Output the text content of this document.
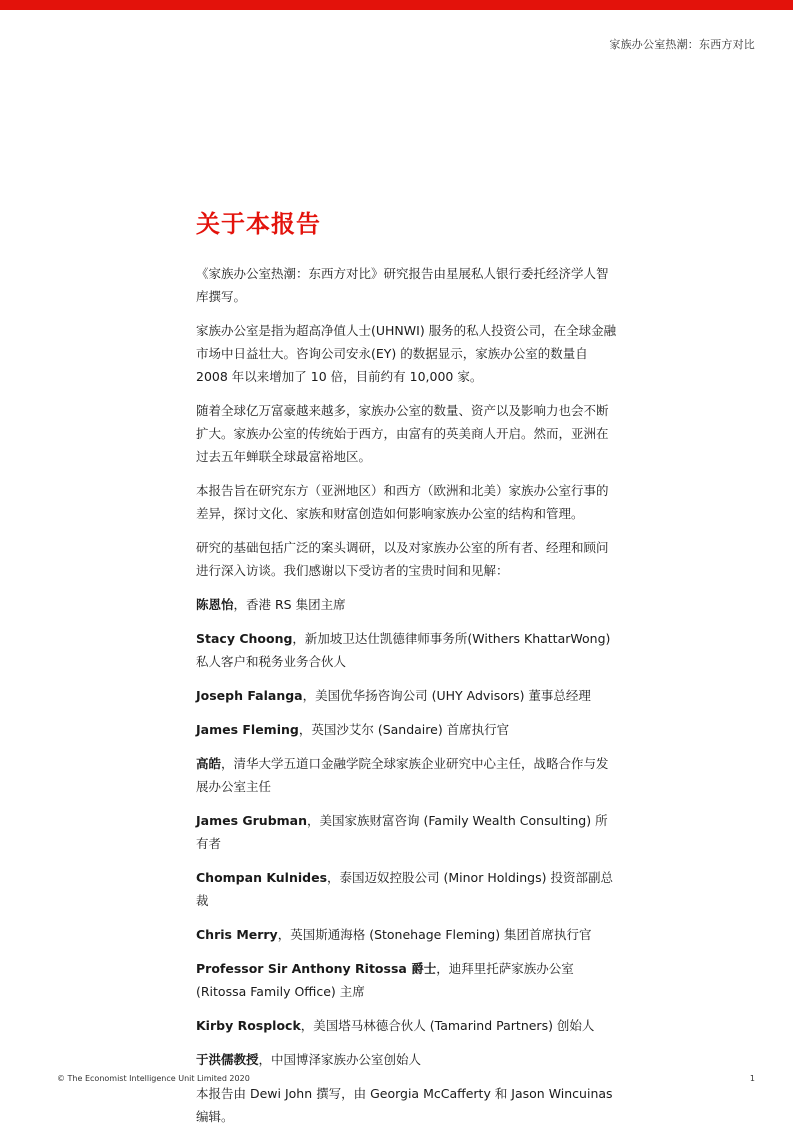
家族办公室热潮：东西方对比
关于本报告

《家族办公室热潮：东西方对比》研究报告由星展私人银行委托经济学人智库撰写。

家族办公室是指为超高净值人士(UHNWI) 服务的私人投资公司，在全球金融市场中日益壮大。咨询公司安永(EY) 的数据显示，家族办公室的数量自 2008 年以来增加了 10 倍，目前约有 10,000 家。

随着全球亿万富豪越来越多，家族办公室的数量、资产以及影响力也会不断扩大。家族办公室的传统始于西方，由富有的英美商人开启。然而，亚洲在过去五年蝉联全球最富裕地区。

本报告旨在研究东方（亚洲地区）和西方（欧洲和北美）家族办公室行事的差异，探讨文化、家族和财富创造如何影响家族办公室的结构和管理。

研究的基础包括广泛的案头调研，以及对家族办公室的所有者、经理和顾问进行深入访谈。我们感谢以下受访者的宝贵时间和见解：

陈恩怡，香港 RS 集团主席

Stacy Choong，新加坡卫达仕凯德律师事务所(Withers KhattarWong) 私人客户和税务业务合伙人

Joseph Falanga，美国优华扬咨询公司 (UHY Advisors) 董事总经理

James Fleming，英国沙艾尔 (Sandaire) 首席执行官

高皓，清华大学五道口金融学院全球家族企业研究中心主任，战略合作与发展办公室主任

James Grubman，美国家族财富咨询 (Family Wealth Consulting) 所有者

Chompan Kulnides，泰国迈奴控股公司 (Minor Holdings) 投资部副总裁

Chris Merry，英国斯通海格 (Stonehage Fleming) 集团首席执行官

Professor Sir Anthony Ritossa 爵士，迪拜里托萨家族办公室 (Ritossa Family Office) 主席

Kirby Rosplock，美国塔马林德合伙人 (Tamarind Partners) 创始人

于洪儒教授，中国博泽家族办公室创始人

本报告由 Dewi John 撰写，由 Georgia McCafferty 和 Jason Wincuinas 编辑。

© The Economist Intelligence Unit Limited 2020	1
